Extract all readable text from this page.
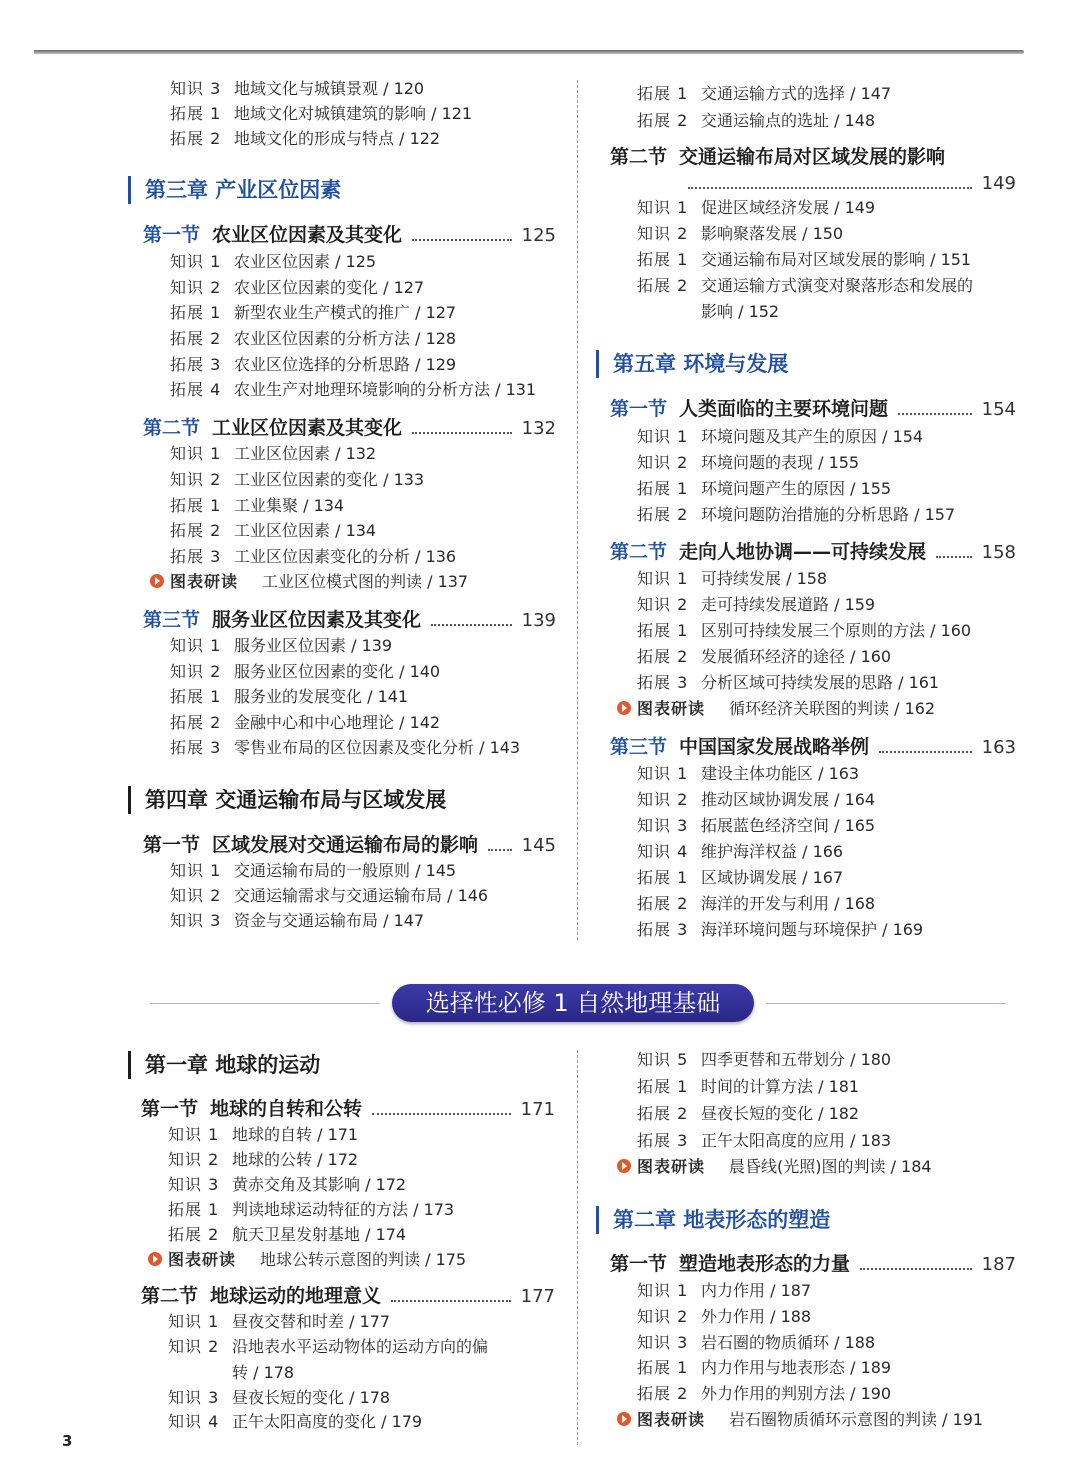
知识 3 地域文化与城镇景观 / 120
拓展 1 地域文化对城镇建筑的影响 / 121
拓展 2 地域文化的形成与特点 / 122
第三章 产业区位因素
第一节 农业区位因素及其变化	125
知识 1 农业区位因素 / 125
知识 2 农业区位因素的变化 / 127
拓展 1 新型农业生产模式的推广 / 127
拓展 2 农业区位因素的分析方法 / 128
拓展 3 农业区位选择的分析思路 / 129
拓展 4 农业生产对地理环境影响的分析方法 / 131
第二节 工业区位因素及其变化	132
知识 1 工业区位因素 / 132
知识 2 工业区位因素的变化 / 133
拓展 1 工业集聚 / 134
拓展 2 工业区位因素 / 134
拓展 3 工业区位因素变化的分析 / 136
图表研读 工业区位模式图的判读 / 137
第三节 服务业区位因素及其变化	139
知识 1 服务业区位因素 / 139
知识 2 服务业区位因素的变化 / 140
拓展 1 服务业的发展变化 / 141
拓展 2 金融中心和中心地理论 / 142
拓展 3 零售业布局的区位因素及变化分析 / 143
第四章 交通运输布局与区域发展
第一节 区域发展对交通运输布局的影响 145
知识 1 交通运输布局的一般原则 / 145
知识 2 交通运输需求与交通运输布局 / 146
知识 3 资金与交通运输布局 / 147
拓展 1 交通运输方式的选择 / 147
拓展 2 交通运输点的选址 / 148
第二节 交通运输布局对区域发展的影响
149
知识 1 促进区域经济发展 / 149
知识 2 影响聚落发展 / 150
拓展 1 交通运输布局对区域发展的影响 / 151
拓展 2 交通运输方式演变对聚落形态和发展的
影响 / 152
第五章 环境与发展
第一节 人类面临的主要环境问题	154
知识 1 环境问题及其产生的原因 / 154
知识 2 环境问题的表现 / 155
拓展 1 环境问题产生的原因 / 155
拓展 2 环境问题防治措施的分析思路 / 157
第二节 走向人地协调——可持续发展	158
知识 1 可持续发展 / 158
知识 2 走可持续发展道路 / 159
拓展 1 区别可持续发展三个原则的方法 / 160
拓展 2 发展循环经济的途径 / 160
拓展 3 分析区域可持续发展的思路 / 161
图表研读 循环经济关联图的判读 / 162
第三节 中国国家发展战略举例	163
知识 1 建设主体功能区 / 163
知识 2 推动区域协调发展 / 164
知识 3 拓展蓝色经济空间 / 165
知识 4 维护海洋权益 / 166
拓展 1 区域协调发展 / 167
拓展 2 海洋的开发与利用 / 168
拓展 3 海洋环境问题与环境保护 / 169
选择性必修 1 自然地理基础
第一章 地球的运动
第一节 地球的自转和公转	171
知识 1 地球的自转 / 171
知识 2 地球的公转 / 172
知识 3 黄赤交角及其影响 / 172
拓展 1 判读地球运动特征的方法 / 173
拓展 2 航天卫星发射基地 / 174
图表研读 地球公转示意图的判读 / 175
第二节 地球运动的地理意义	177
知识 1 昼夜交替和时差 / 177
知识 2 沿地表水平运动物体的运动方向的偏
转 / 178
知识 3 昼夜长短的变化 / 178
知识 4 正午太阳高度的变化 / 179
知识 5 四季更替和五带划分 / 180
拓展 1 时间的计算方法 / 181
拓展 2 昼夜长短的变化 / 182
拓展 3 正午太阳高度的应用 / 183
图表研读 晨昏线(光照)图的判读 / 184
第二章 地表形态的塑造
第一节 塑造地表形态的力量	187
知识 1 内力作用 / 187
知识 2 外力作用 / 188
知识 3 岩石圈的物质循环 / 188
拓展 1 内力作用与地表形态 / 189
拓展 2 外力作用的判别方法 / 190
图表研读 岩石圈物质循环示意图的判读 / 191
3
